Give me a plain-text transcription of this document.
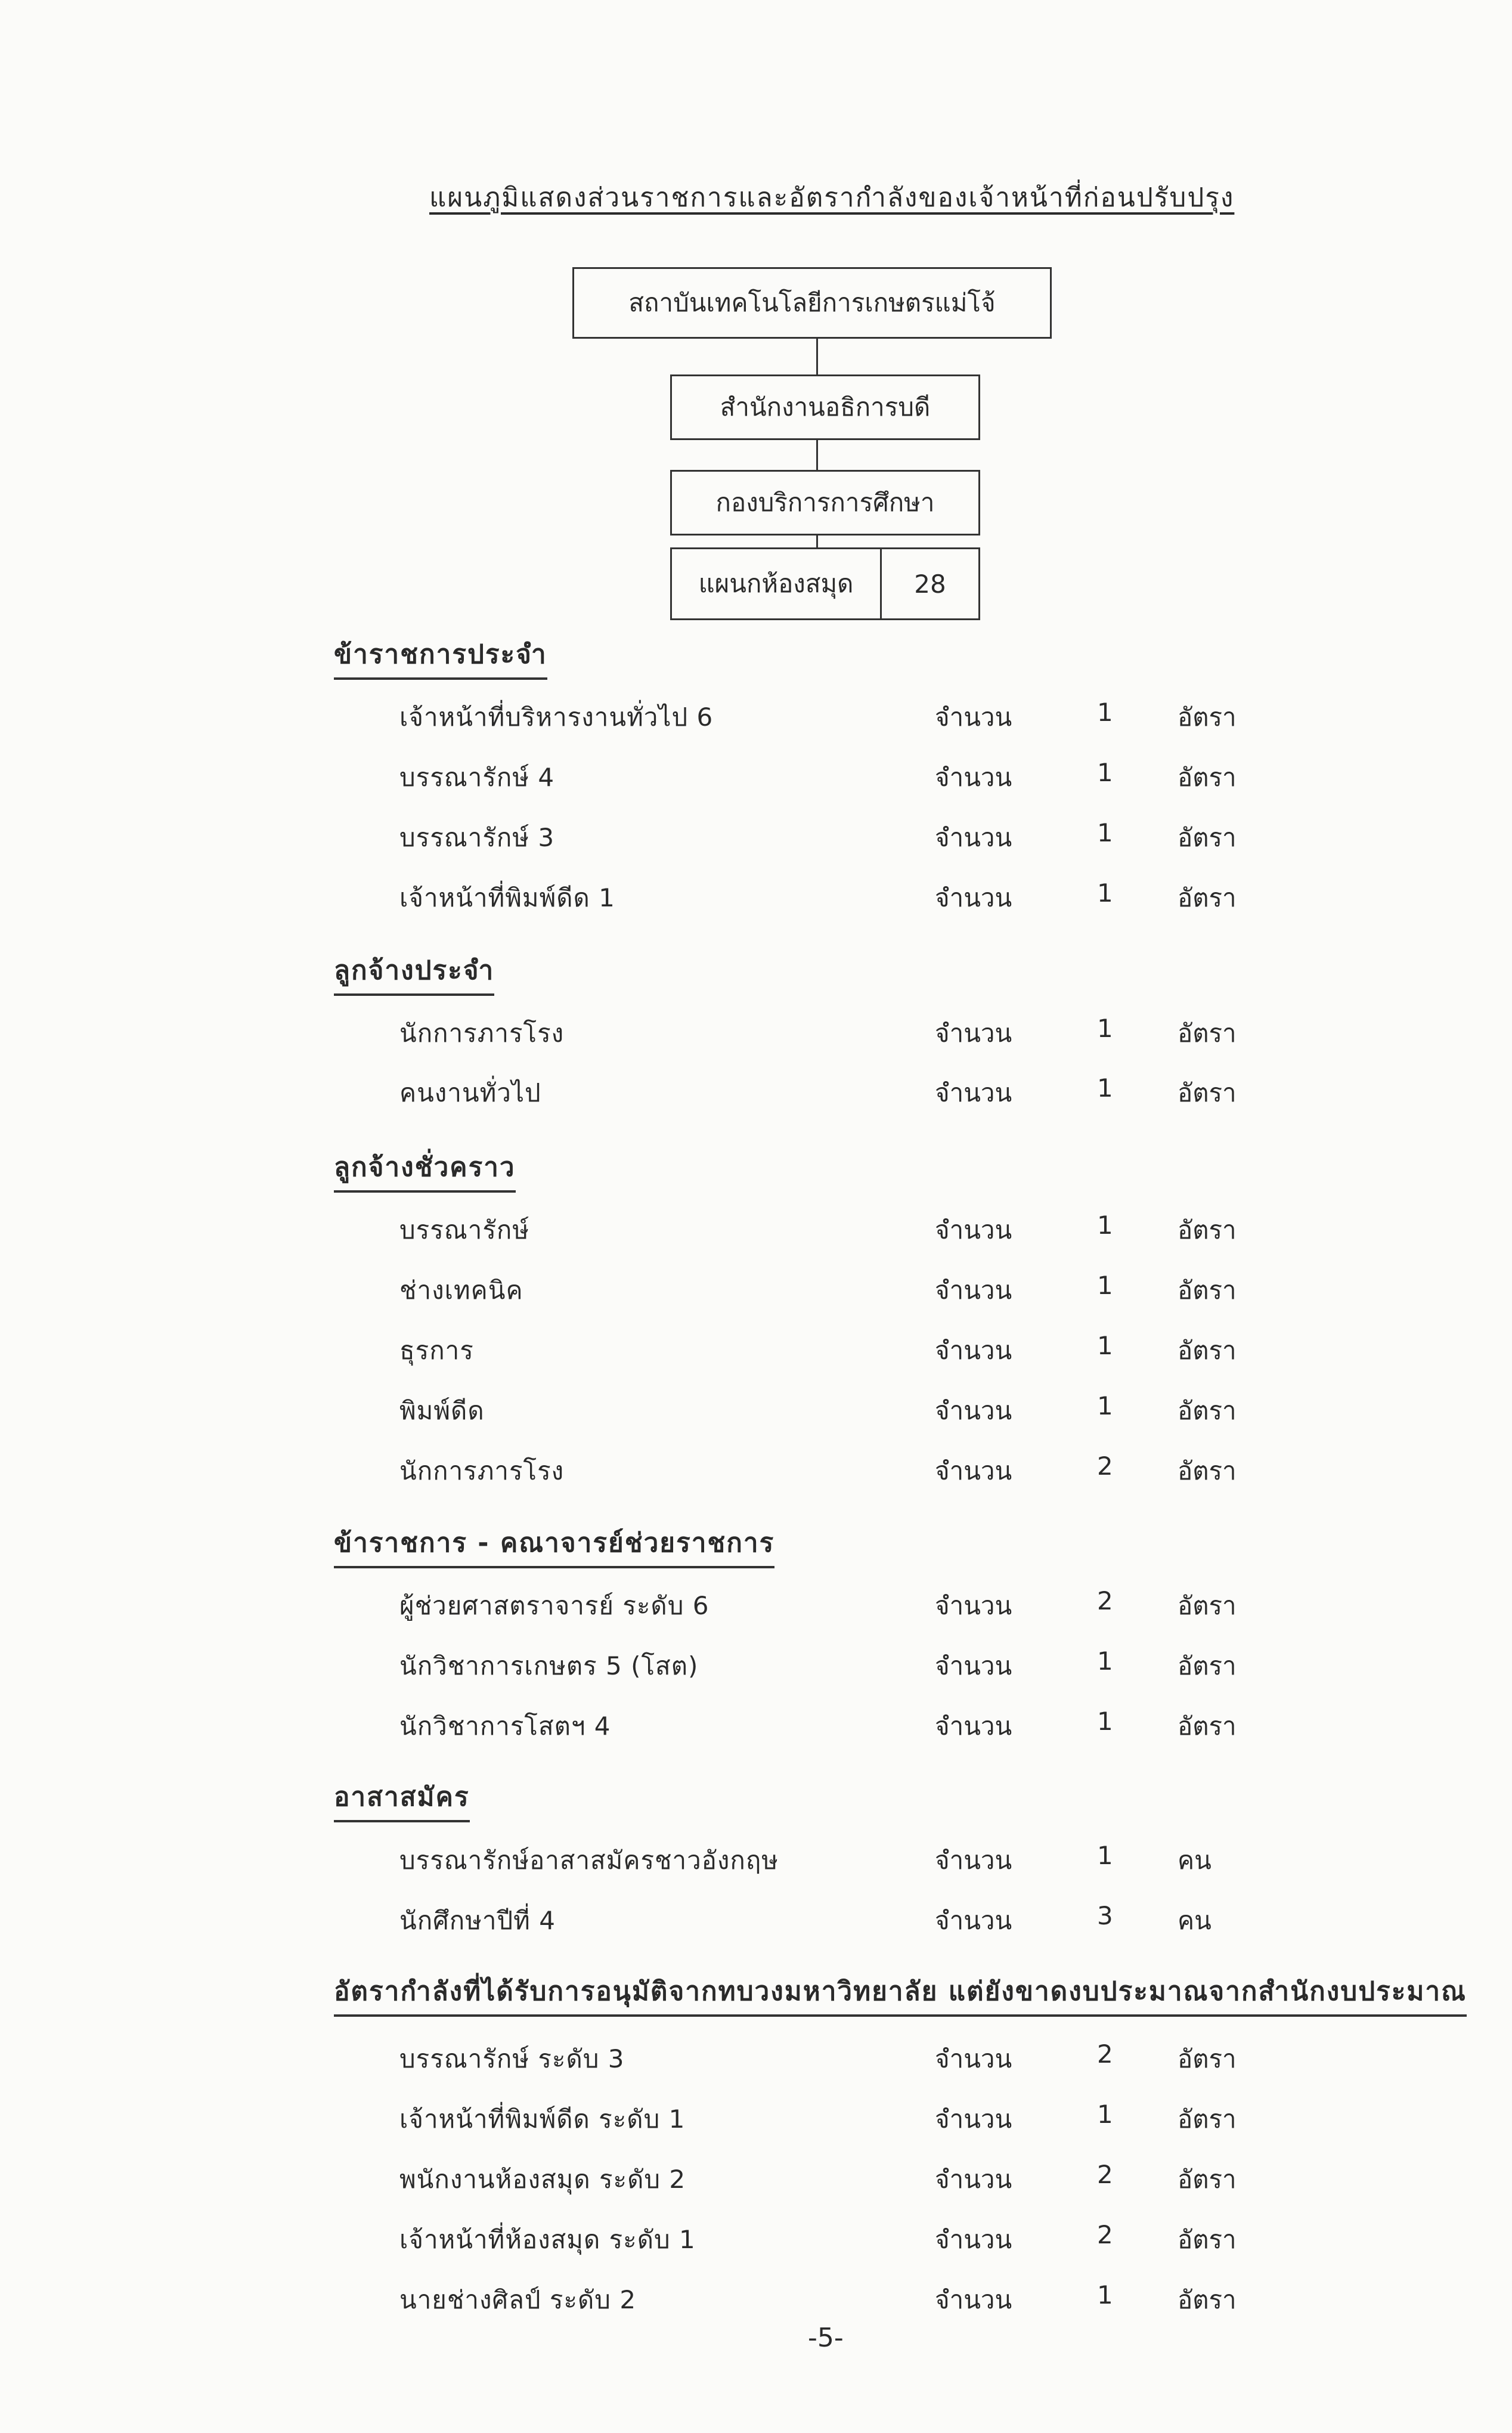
แผนภูมิแสดงส่วนราชการและอัตรากำลังของเจ้าหน้าที่ก่อนปรับปรุง
สถาบันเทคโนโลยีการเกษตรแม่โจ้
สำนักงานอธิการบดี
กองบริการการศึกษา
แผนกห้องสมุด	28
ข้าราชการประจำ
เจ้าหน้าที่บริหารงานทั่วไป 6	จำนวน	1	อัตรา
บรรณารักษ์ 4	จำนวน	1	อัตรา
บรรณารักษ์ 3	จำนวน	1	อัตรา
เจ้าหน้าที่พิมพ์ดีด 1	จำนวน	1	อัตรา
ลูกจ้างประจำ
นักการภารโรง	จำนวน	1	อัตรา
คนงานทั่วไป	จำนวน	1	อัตรา
ลูกจ้างชั่วคราว
บรรณารักษ์	จำนวน	1	อัตรา
ช่างเทคนิค	จำนวน	1	อัตรา
ธุรการ	จำนวน	1	อัตรา
พิมพ์ดีด	จำนวน	1	อัตรา
นักการภารโรง	จำนวน	2	อัตรา
ข้าราชการ - คณาจารย์ช่วยราชการ
ผู้ช่วยศาสตราจารย์ ระดับ 6	จำนวน	2	อัตรา
นักวิชาการเกษตร 5 (โสต)	จำนวน	1	อัตรา
นักวิชาการโสตฯ 4	จำนวน	1	อัตรา
อาสาสมัคร
บรรณารักษ์อาสาสมัครชาวอังกฤษ	จำนวน	1	คน
นักศึกษาปีที่ 4	จำนวน	3	คน
อัตรากำลังที่ได้รับการอนุมัติจากทบวงมหาวิทยาลัย แต่ยังขาดงบประมาณจากสำนักงบประมาณ
บรรณารักษ์ ระดับ 3	จำนวน	2	อัตรา
เจ้าหน้าที่พิมพ์ดีด ระดับ 1	จำนวน	1	อัตรา
พนักงานห้องสมุด ระดับ 2	จำนวน	2	อัตรา
เจ้าหน้าที่ห้องสมุด ระดับ 1	จำนวน	2	อัตรา
นายช่างศิลป์ ระดับ 2	จำนวน	1	อัตรา
-5-
